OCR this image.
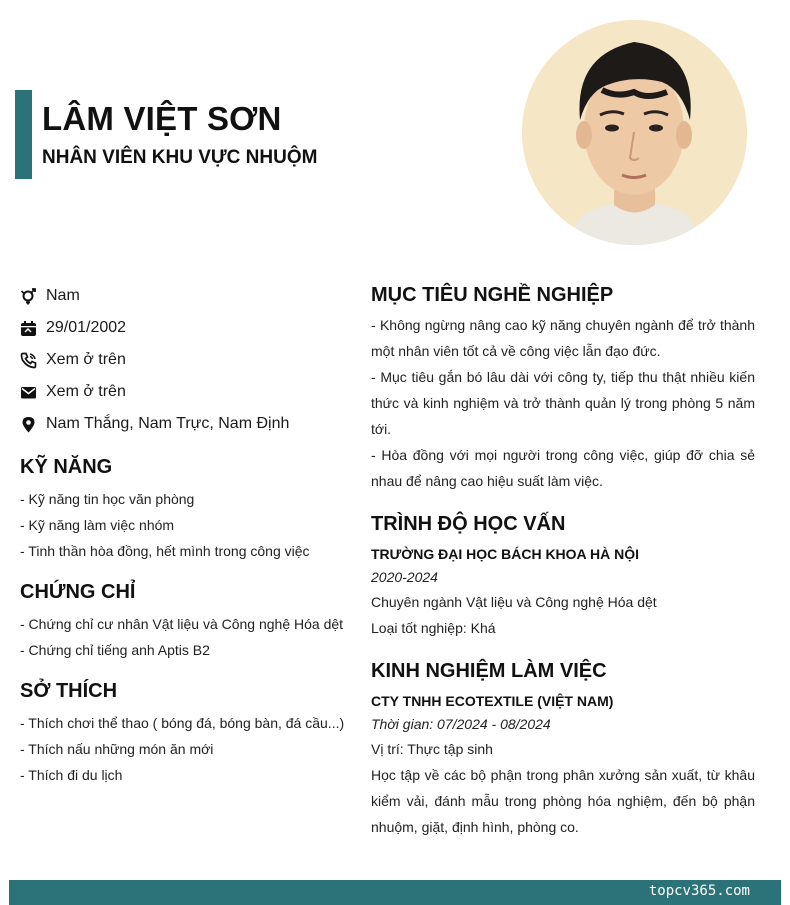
LÂM VIỆT SƠN
NHÂN VIÊN KHU VỰC NHUỘM
Nam
29/01/2002
Xem ở trên
Xem ở trên
Nam Thắng, Nam Trực, Nam Định
KỸ NĂNG
- Kỹ năng tin học văn phòng
- Kỹ năng làm việc nhóm
- Tinh thần hòa đồng, hết mình trong công việc
CHỨNG CHỈ
- Chứng chỉ cư nhân Vật liệu và Công nghệ Hóa dệt
- Chứng chỉ tiếng anh Aptis B2
SỞ THÍCH
- Thích chơi thể thao ( bóng đá, bóng bàn, đá cầu...)
- Thích nấu những món ăn mới
- Thích đi du lịch
MỤC TIÊU NGHỀ NGHIỆP
- Không ngừng nâng cao kỹ năng chuyên ngành để trở thành một nhân viên tốt cả về công việc lẫn đạo đức.
- Mục tiêu gắn bó lâu dài với công ty, tiếp thu thật nhiều kiến thức và kinh nghiệm và trở thành quản lý trong phòng 5 năm tới.
- Hòa đồng với mọi người trong công việc, giúp đỡ chia sẻ nhau để nâng cao hiệu suất làm việc.
TRÌNH ĐỘ HỌC VẤN
TRƯỜNG ĐẠI HỌC BÁCH KHOA HÀ NỘI
2020-2024
Chuyên ngành Vật liệu và Công nghệ Hóa dệt
Loại tốt nghiệp: Khá
KINH NGHIỆM LÀM VIỆC
CTY TNHH ECOTEXTILE (VIỆT NAM)
Thời gian: 07/2024 - 08/2024
Vị trí: Thực tập sinh
Học tập về các bộ phận trong phân xưởng sản xuất, từ khâu kiểm vải, đánh mẫu trong phòng hóa nghiệm, đến bộ phận nhuộm, giặt, định hình, phòng co.
topcv365.com
